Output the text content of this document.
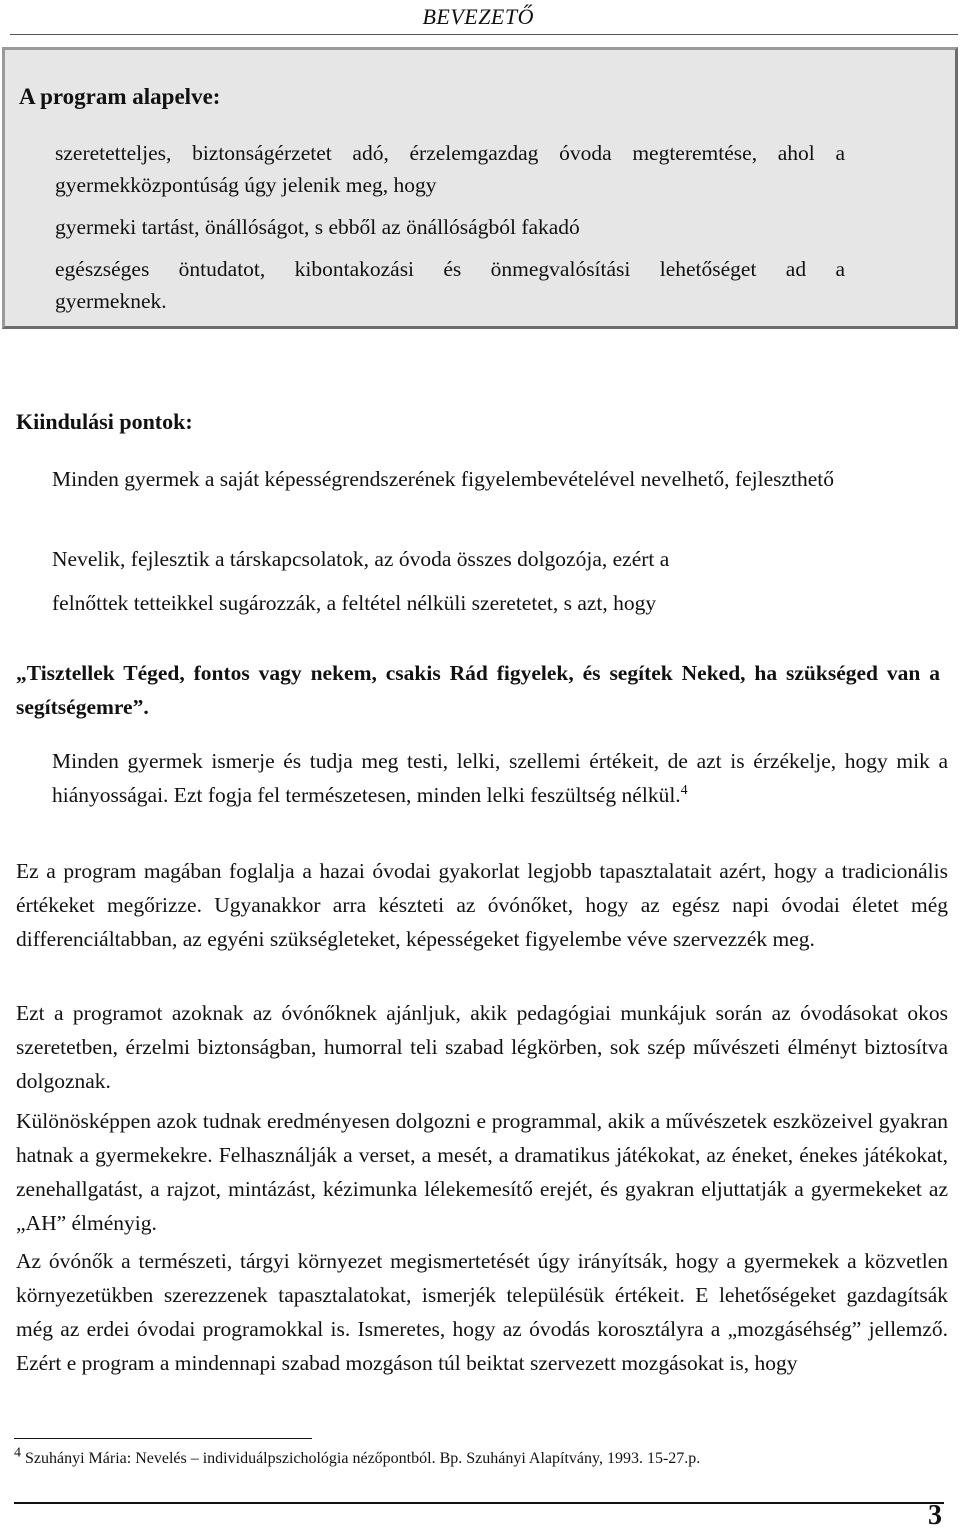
BEVEZETŐ
A program alapelve:

szeretetteljes, biztonságérzetet adó, érzelemgazdag óvoda megteremtése, ahol a gyermekközpontúság úgy jelenik meg, hogy

gyermeki tartást, önállóságot, s ebből az önállóságból fakadó

egészséges öntudatot, kibontakozási és önmegvalósítási lehetőséget ad a

gyermeknek.

Kiindulási pontok:

Minden gyermek a saját képességrendszerének figyelembevételével nevelhető, fejleszthető

Nevelik, fejlesztik a társkapcsolatok, az óvoda összes dolgozója, ezért a

felnőttek tetteikkel sugározzák, a feltétel nélküli szeretetet, s azt, hogy

„Tisztellek Téged, fontos vagy nekem, csakis Rád figyelek, és segítek Neked, ha szükséged van a segítségemre”.

Minden gyermek ismerje és tudja meg testi, lelki, szellemi értékeit, de azt is érzékelje, hogy mik a hiányosságai. Ezt fogja fel természetesen, minden lelki feszültség nélkül.$^4$

Ez a program magában foglalja a hazai óvodai gyakorlat legjobb tapasztalatait azért, hogy a tradicionális értékeket megőrizze. Ugyanakkor arra készteti az óvónőket, hogy az egész napi óvodai életet még differenciáltabban, az egyéni szükségleteket, képességeket figyelembe véve szervezzék meg.

Ezt a programot azoknak az óvónőknek ajánljuk, akik pedagógiai munkájuk során az óvodásokat okos szeretetben, érzelmi biztonságban, humorral teli szabad légkörben, sok szép művészeti élményt biztosítva dolgoznak.

Különösképpen azok tudnak eredményesen dolgozni e programmal, akik a művészetek eszközeivel gyakran hatnak a gyermekekre. Felhasználják a verset, a mesét, a dramatikus játékokat, az éneket, énekes játékokat, zenehallgatást, a rajzot, mintázást, kézimunka lélekemesítő erejét, és gyakran eljuttatják a gyermekeket az „AH” élményig.

Az óvónők a természeti, tárgyi környezet megismertetését úgy irányítsák, hogy a gyermekek a közvetlen környezetükben szerezzenek tapasztalatokat, ismerjék településük értékeit. E lehetőségeket gazdagítsák még az erdei óvodai programokkal is. Ismeretes, hogy az óvodás korosztályra a „mozgáséhség” jellemző. Ezért e program a mindennapi szabad mozgáson túl beiktat szervezett mozgásokat is, hogy

$^4$ Szuhányi Mária: Nevelés – individuálpszichológia nézőpontból. Bp. Szuhányi Alapítvány, 1993. 15-27.p.

3
